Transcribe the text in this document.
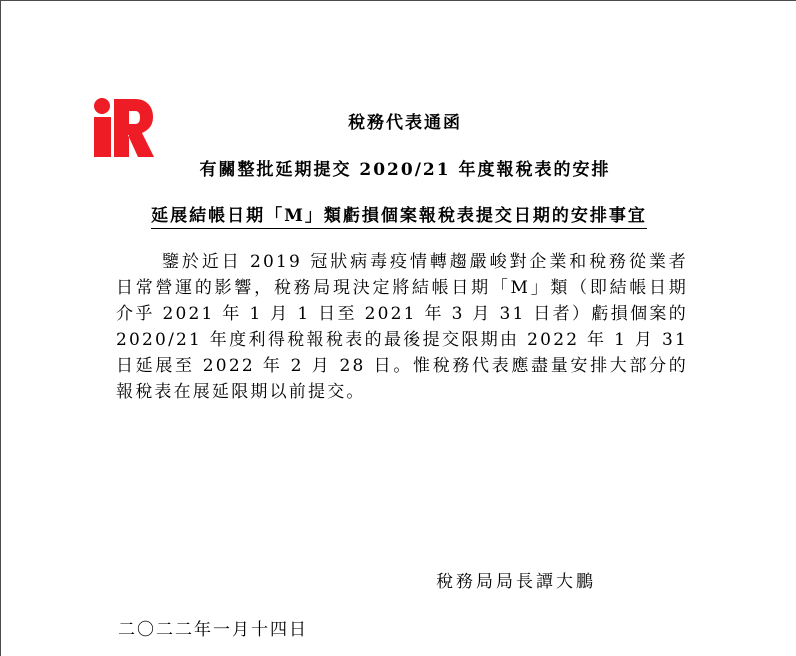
稅務代表通函
有關整批延期提交 2020/21 年度報稅表的安排
延展結帳日期「M」類虧損個案報稅表提交日期的安排事宜
鑒於近日 2019 冠狀病毒疫情轉趨嚴峻對企業和稅務從業者日常營運的影響，稅務局現決定將結帳日期「M」類（即結帳日期介乎 2021 年 1 月 1 日至 2021 年 3 月 31 日者）虧損個案的 2020/21 年度利得稅報稅表的最後提交限期由 2022 年 1 月 31 日延展至 2022 年 2 月 28 日。惟稅務代表應盡量安排大部分的報稅表在展延限期以前提交。
稅務局局長譚大鵬
二〇二二年一月十四日
